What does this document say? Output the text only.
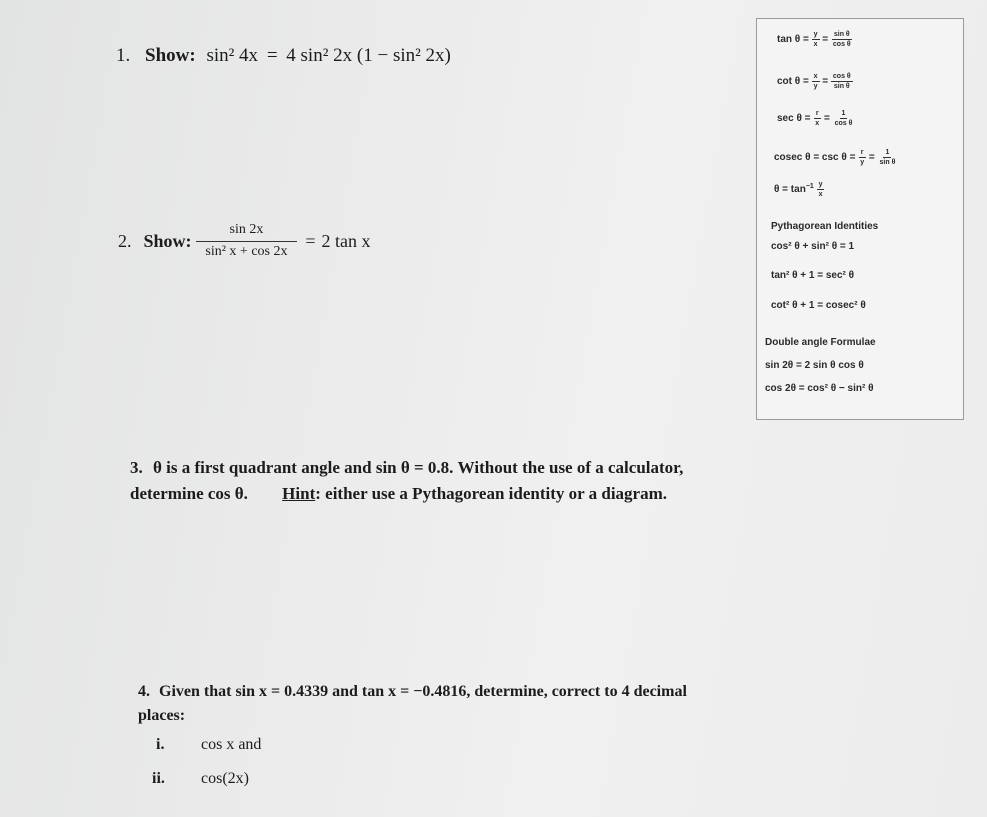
1. Show: sin² 4x = 4 sin² 2x (1 − sin² 2x)
2. Show: $\frac{\sin 2x}{\text{sin² x + cos 2x}} = 2$ tan x
$\tan \theta = \frac{y}{x} = \frac{\text{sin θ}}{\text{cos θ}}$
$\cot \theta = \frac{x}{y} = \frac{\text{cos θ}}{\text{sin θ}}$
$\sec \theta = \frac{r}{x} = \frac{1}{\text{cos θ}}$
cosec $\theta = \csc \theta = \frac{r}{y} = \frac{1}{\text{sin θ}}$
$\theta = \tan^{-1} \frac{y}{x}$
Pythagorean Identities
cos² θ + sin² θ = 1
tan² θ + 1 = sec² θ
cot² θ + 1 = cosec² θ
Double angle Formulae
sin 2θ = 2 sin θ cos θ
cos 2θ = cos² θ − sin² θ
3. θ is a first quadrant angle and sin θ = 0.8. Without the use of a calculator,
determine cos θ. Hint: either use a Pythagorean identity or a diagram.
4. Given that sin x = 0.4339 and tan x = −0.4816, determine, correct to 4 decimal
places:
i. cos x and
ii. cos(2x)
